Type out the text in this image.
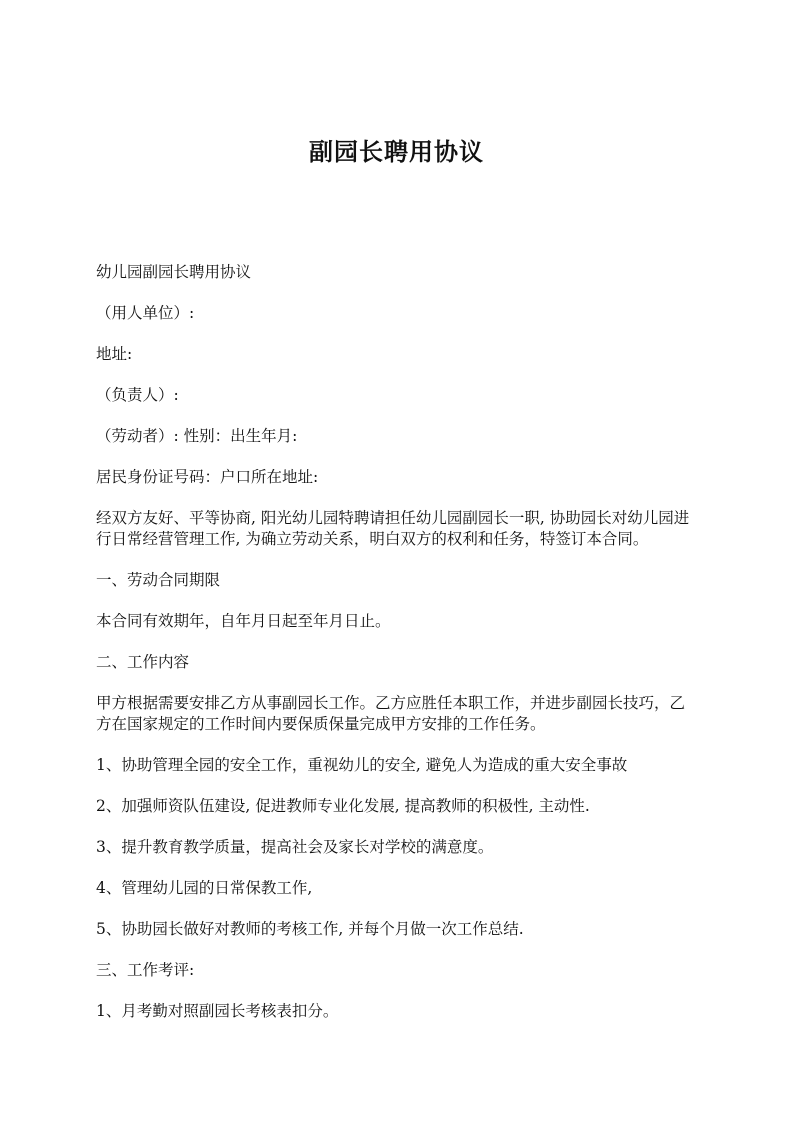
副园长聘用协议

幼儿园副园长聘用协议

（用人单位）:

地址:

（负责人）:

（劳动者）: 性别：出生年月:

居民身份证号码：户口所在地址:

经双方友好、平等协商, 阳光幼儿园特聘请担任幼儿园副园长一职, 协助园长对幼儿园进行日常经营管理工作, 为确立劳动关系，明白双方的权利和任务，特签订本合同。

一、劳动合同期限

本合同有效期年，自年月日起至年月日止。

二、工作内容

甲方根据需要安排乙方从事副园长工作。乙方应胜任本职工作，并进步副园长技巧，乙方在国家规定的工作时间内要保质保量完成甲方安排的工作任务。

1、协助管理全园的安全工作，重视幼儿的安全, 避免人为造成的重大安全事故

2、加强师资队伍建设, 促进教师专业化发展, 提高教师的积极性, 主动性.

3、提升教育教学质量，提高社会及家长对学校的满意度。

4、管理幼儿园的日常保教工作,

5、协助园长做好对教师的考核工作, 并每个月做一次工作总结.

三、工作考评:

1、月考勤对照副园长考核表扣分。
